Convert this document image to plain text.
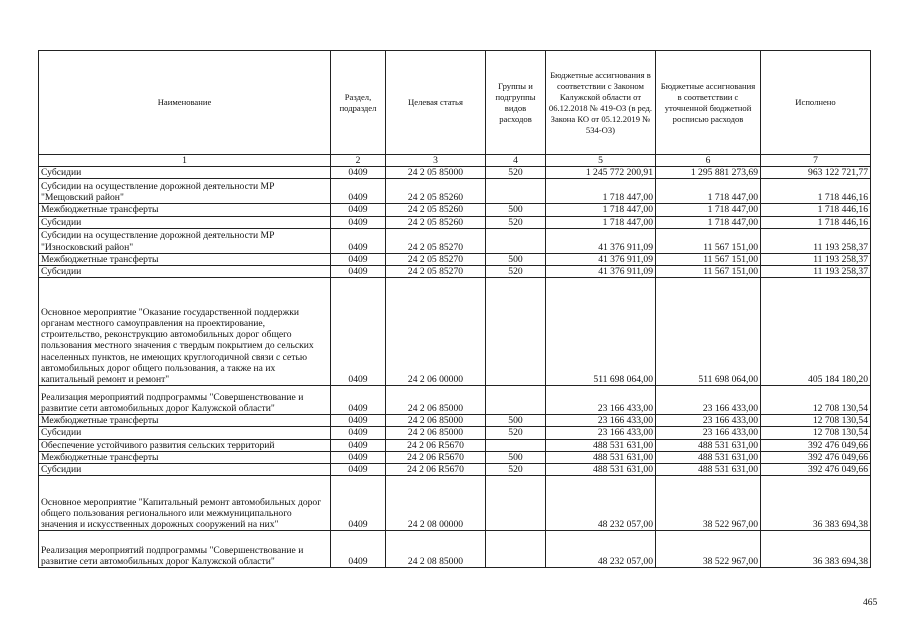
Наименование	Раздел, подраздел	Целевая статья	Группы и подгруппы видов расходов	Бюджетные ассигнования в соответствии с Законом Калужской области от 06.12.2018 № 419-ОЗ (в ред. Закона КО от 05.12.2019 № 534-ОЗ)	Бюджетные ассигнования в соответствии с уточненной бюджетной росписью расходов	Исполнено
1	2	3	4	5	6	7
Субсидии	0409	24 2 05 85000	520	1 245 772 200,91	1 295 881 273,69	963 122 721,77
Субсидии на осуществление дорожной деятельности МР "Мещовский район"	0409	24 2 05 85260		1 718 447,00	1 718 447,00	1 718 446,16
Межбюджетные трансферты	0409	24 2 05 85260	500	1 718 447,00	1 718 447,00	1 718 446,16
Субсидии	0409	24 2 05 85260	520	1 718 447,00	1 718 447,00	1 718 446,16
Субсидии на осуществление дорожной деятельности МР "Износковский район"	0409	24 2 05 85270		41 376 911,09	11 567 151,00	11 193 258,37
Межбюджетные трансферты	0409	24 2 05 85270	500	41 376 911,09	11 567 151,00	11 193 258,37
Субсидии	0409	24 2 05 85270	520	41 376 911,09	11 567 151,00	11 193 258,37
Основное мероприятие "Оказание государственной поддержки органам местного самоуправления на проектирование, строительство, реконструкцию автомобильных дорог общего пользования местного значения с твердым покрытием до сельских населенных пунктов, не имеющих круглогодичной связи с сетью автомобильных дорог общего пользования, а также на их капитальный ремонт и ремонт"	0409	24 2 06 00000		511 698 064,00	511 698 064,00	405 184 180,20
Реализация мероприятий подпрограммы "Совершенствование и развитие сети автомобильных дорог Калужской области"	0409	24 2 06 85000		23 166 433,00	23 166 433,00	12 708 130,54
Межбюджетные трансферты	0409	24 2 06 85000	500	23 166 433,00	23 166 433,00	12 708 130,54
Субсидии	0409	24 2 06 85000	520	23 166 433,00	23 166 433,00	12 708 130,54
Обеспечение устойчивого развития сельских территорий	0409	24 2 06 R5670		488 531 631,00	488 531 631,00	392 476 049,66
Межбюджетные трансферты	0409	24 2 06 R5670	500	488 531 631,00	488 531 631,00	392 476 049,66
Субсидии	0409	24 2 06 R5670	520	488 531 631,00	488 531 631,00	392 476 049,66
Основное мероприятие "Капитальный ремонт автомобильных дорог общего пользования регионального или межмуниципального значения и искусственных дорожных сооружений на них"	0409	24 2 08 00000		48 232 057,00	38 522 967,00	36 383 694,38
Реализация мероприятий подпрограммы "Совершенствование и развитие сети автомобильных дорог Калужской области"	0409	24 2 08 85000		48 232 057,00	38 522 967,00	36 383 694,38
465
